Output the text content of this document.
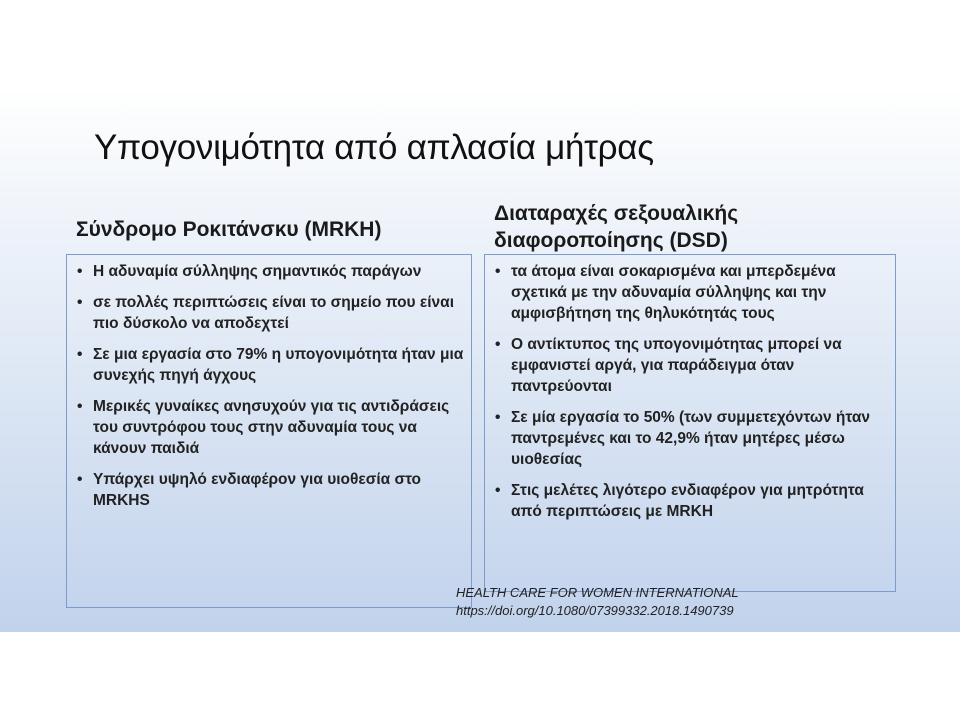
Υπογονιμότητα από απλασία μήτρας
Σύνδρομο Ροκιτάνσκυ (MRKH)
Διαταραχές σεξουαλικής διαφοροποίησης (DSD)
• Η αδυναμία σύλληψης σημαντικός παράγων
• σε πολλές περιπτώσεις είναι το σημείο που είναι πιο δύσκολο να αποδεχτεί
• Σε μια εργασία στο 79% η υπογονιμότητα ήταν μια συνεχής πηγή άγχους
• Μερικές γυναίκες ανησυχούν για τις αντιδράσεις του συντρόφου τους στην αδυναμία τους να κάνουν παιδιά
• Υπάρχει υψηλό ενδιαφέρον για υιοθεσία στο MRKHS
• τα άτομα είναι σοκαρισμένα και μπερδεμένα σχετικά με την αδυναμία σύλληψης και την αμφισβήτηση της θηλυκότητάς τους
• Ο αντίκτυπος της υπογονιμότητας μπορεί να εμφανιστεί αργά, για παράδειγμα όταν παντρεύονται
• Σε μία εργασία το 50% (των συμμετεχόντων ήταν παντρεμένες και το 42,9% ήταν μητέρες μέσω υιοθεσίας
• Στις μελέτες λιγότερο ενδιαφέρον για μητρότητα από περιπτώσεις με MRKH
HEALTH CARE FOR WOMEN INTERNATIONAL
https://doi.org/10.1080/07399332.2018.1490739
